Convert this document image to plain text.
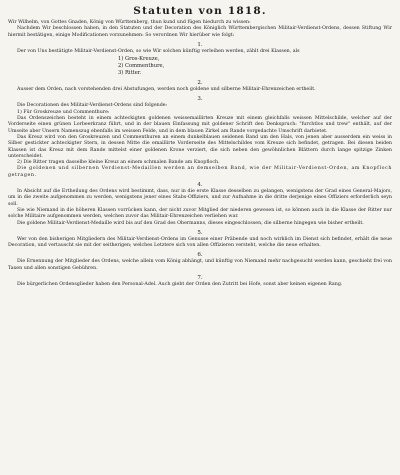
Statuten von 1818.

Wir Wilhelm, von Gottes Gnaden, König von Württemberg, thun kund und fügen hiedurch zu wissen:

Nachdem Wir beschlossen haben, in den Statuten und der Decoration des Königlich Württembergischen Militair-Verdienst-Ordens, dessen Stiftung Wir hiermit bestätigen, einige Modificationen vorzunehmen: So verordnen Wir hierüber wie folgt:

1.

Der von Uns bestätigte Militair-Verdienst-Orden, so wie Wir solchen künftig verleihen werden, zählt drei Klassen, als

1) Gros-Kreuze,
2) Commenthure,
3) Ritter.
2.

Ausser dem Orden, nach vorstehenden drei Abstufungen, werden noch goldene und silberne Militair-Ehrenzeichen ertheilt.

3.

Die Decorationen des Militair-Verdienst-Ordens sind folgende:

1) Für Groskreuze und Commenthure:

Das Ordenszeichen besteht in einem achteckigten goldenen weissemaillirten Kreuze mit einem gleichfalls weissen Mittelschilde, welcher auf der Vorderseite einen grünen Lorbeerkranz führt, und in der blauen Einfassung mit goldener Schrift den Denkspruch: "furchtlos und trew" enthält, auf der Umseite aber Unsern Namenszug ebenfalls im weissen Felde, und in dem blauen Zirkel am Rande vorgedachte Umschrift darbietet.

Das Kreuz wird von den Groskreuzen und Commenthuren an einem dunkelblauen seidenen Band um den Hals, von jenen aber ausserdem ein weiss in Silber gestickter achteckigter Stern, in dessen Mitte die emaillirte Vorderseite des Mittelschildes vom Kreuze sich befindet, getragen. Bei diesen beiden Klassen ist das Kreuz mit dem Rande mittelst einer goldenen Krone verziert, die sich neben den gewöhnlichen Blättern durch lange spitzige Zinken unterscheidet.

2) Die Ritter tragen dasselbe kleine Kreuz an einem schmalen Bande am Knopfloch.

Die goldenen und silbernen Verdienst-Medaillen werden an demselben Band, wie der Militair-Verdienst-Orden, am Knopfloch getragen.

4.

In Absicht auf die Ertheilung des Ordens wird bestimmt, dass, nur in die erste Klasse desselben zu gelangen, wenigstens der Grad eines General-Majors, um in die zweite aufgenommen zu werden, wenigstens jener eines Stabs-Offiziers, und zur Aufnahme in die dritte derjenige eines Offiziers erforderlich seyn soll.

Sie wie Niemand in die höheren Klassen vorrücken kann, der nicht zuvor Mitglied der niederen gewesen ist, so können auch in die Klasse der Ritter nur solche Militaire aufgenommen werden, welchen zuvor das Militair-Ehrenzeichen verliehen war.

Die goldene Militair-Verdienst-Medaille wird bis auf den Grad des Obermanns, dieses eingeschlossen, die silberne hingegen wie bisher ertheilt.

5.

Wer von den bisherigen Mitgliedern des Militair-Verdienst-Ordens im Genusse einer Präbende und noch wirklich im Dienst sich befindet, erhält die neue Decoration, und vertauscht sie mit der seitherigen; welches Letztere sich von allen Offizieren versteht, welche die neue erhalten.

6.

Die Ernennung der Mitglieder des Ordens, welche allein vom König abhängt, und künftig von Niemand mehr nachgesucht werden kann, geschieht frei von Taxen und allen sonstigen Gebühren.

7.

Die bürgerlichen Ordensglieder haben den Personal-Adel. Auch giebt der Orden den Zutritt bei Hofe, sonst aber keinen eigenen Rang.
